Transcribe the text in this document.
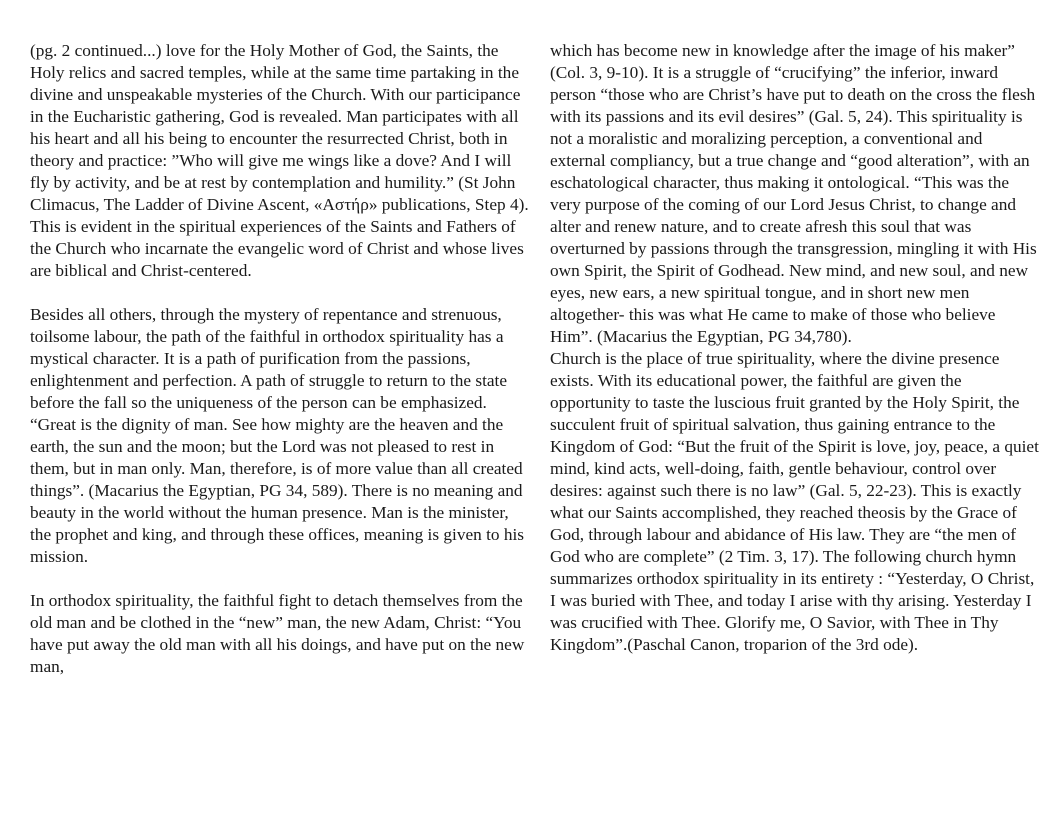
(pg. 2 continued...) love for the Holy Mother of God, the Saints, the Holy relics and sacred temples, while at the same time partaking in the divine and unspeakable mysteries of the Church. With our participance in the Eucharistic gathering, God is revealed. Man participates with all his heart and all his being to encounter the resurrected Christ, both in theory and practice: ”Who will give me wings like a dove? And I will fly by activity, and be at rest by contemplation and humility.” (St John Climacus, The Ladder of Divine Ascent, «Αστήρ» publications, Step 4). This is evident in the spiritual experiences of the Saints and Fathers of the Church who incarnate the evangelic word of Christ and whose lives are biblical and Christ-centered.

Besides all others, through the mystery of repentance and strenuous, toilsome labour, the path of the faithful in orthodox spirituality has a mystical character. It is a path of purification from the passions, enlightenment and perfection. A path of struggle to return to the state before the fall so the uniqueness of the person can be emphasized. “Great is the dignity of man. See how mighty are the heaven and the earth, the sun and the moon; but the Lord was not pleased to rest in them, but in man only. Man, therefore, is of more value than all created things”. (Macarius the Egyptian, PG 34, 589). There is no meaning and beauty in the world without the human presence. Man is the minister, the prophet and king, and through these offices, meaning is given to his mission.

In orthodox spirituality, the faithful fight to detach themselves from the old man and be clothed in the “new” man, the new Adam, Christ: “You have put away the old man with all his doings, and have put on the new man,

which has become new in knowledge after the image of his maker” (Col. 3, 9-10). It is a struggle of “crucifying” the inferior, inward person “those who are Christ’s have put to death on the cross the flesh with its passions and its evil desires” (Gal. 5, 24). This spirituality is not a moralistic and moralizing perception, a conventional and external compliancy, but a true change and “good alteration”, with an eschatological character, thus making it ontological. “This was the very purpose of the coming of our Lord Jesus Christ, to change and alter and renew nature, and to create afresh this soul that was overturned by passions through the transgression, mingling it with His own Spirit, the Spirit of Godhead. New mind, and new soul, and new eyes, new ears, a new spiritual tongue, and in short new men altogether- this was what He came to make of those who believe Him”. (Macarius the Egyptian, PG 34,780).

Church is the place of true spirituality, where the divine presence exists. With its educational power, the faithful are given the opportunity to taste the luscious fruit granted by the Holy Spirit, the succulent fruit of spiritual salvation, thus gaining entrance to the Kingdom of God: “But the fruit of the Spirit is love, joy, peace, a quiet mind, kind acts, well-doing, faith, gentle behaviour, control over desires: against such there is no law” (Gal. 5, 22-23). This is exactly what our Saints accomplished, they reached theosis by the Grace of God, through labour and abidance of His law. They are “the men of God who are complete” (2 Tim. 3, 17). The following church hymn summarizes orthodox spirituality in its entirety : “Yesterday, O Christ, I was buried with Thee, and today I arise with thy arising. Yesterday I was crucified with Thee. Glorify me, O Savior, with Thee in Thy Kingdom”.(Paschal Canon, troparion of the 3rd ode).
